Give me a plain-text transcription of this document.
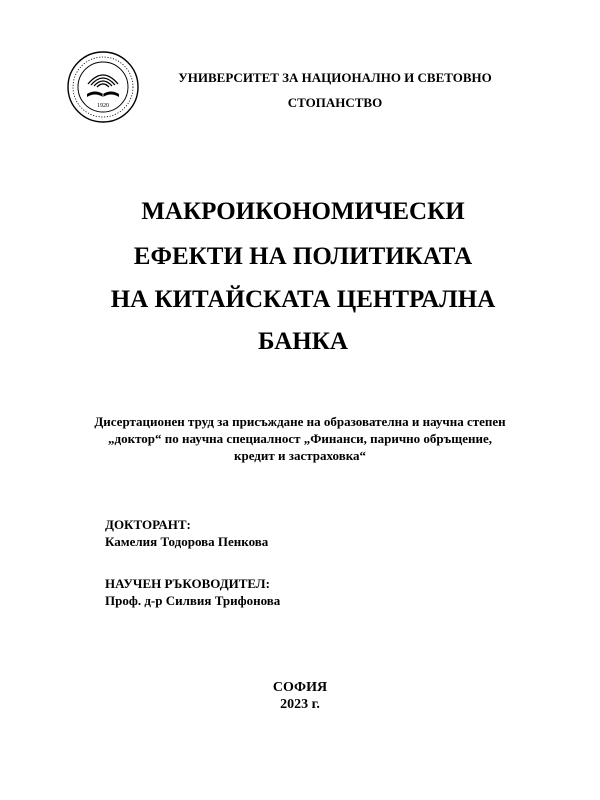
1920

УНИВЕРСИТЕТ ЗА НАЦИОНАЛНО И СВЕТОВНО

СТОПАНСТВО

МАКРОИКОНОМИЧЕСКИ
ЕФЕКТИ НА ПОЛИТИКАТА
НА КИТАЙСКАТА ЦЕНТРАЛНА
БАНКА

Дисертационен труд за присъждане на образователна и научна степен

„доктор“ по научна специалност „Финанси, парично обръщение,

кредит и застраховка“

ДОКТОРАНТ:

Камелия Тодорова Пенкова

НАУЧЕН РЪКОВОДИТЕЛ:

Проф. д-р Силвия Трифонова

СОФИЯ

2023 г.
